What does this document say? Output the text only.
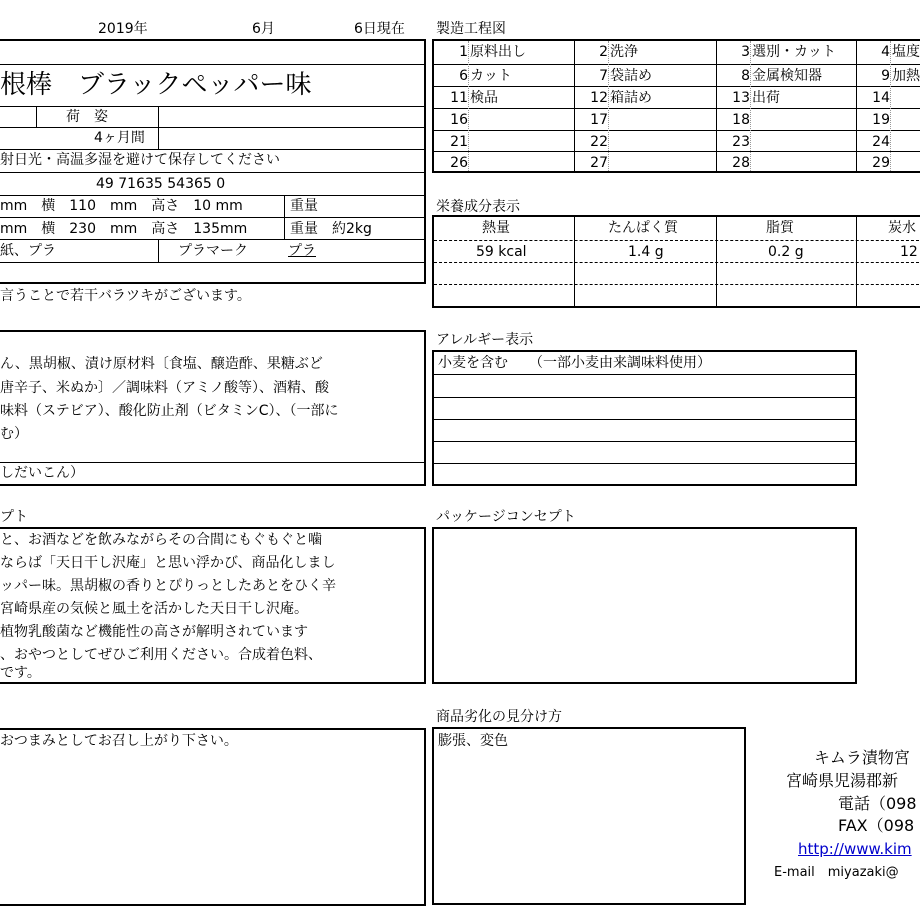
2019年	6月	6日現在 製造工程図
根棒　ブラックペッパー味
荷　姿
4ヶ月間
射日光・高温多湿を避けて保存してください
49 71635 54365 0
mm　横　110　mm　高さ　10 mm	重量
mm　横　230　mm　高さ　135mm	重量　約2kg
紙、プラ	プラマーク	プラ
言うことで若干バラツキがございます。
1 原料出し	2 洗浄	3 選別・カット	4 塩度
6 カット	7 袋詰め	8 金属検知器	9 加熱
11 検品	12 箱詰め	13 出荷	14
16	17	18	19
21	22	23	24
26	27	28	29
栄養成分表示
熱量	たんぱく質	脂質	炭水
59 kcal	1.4 g	0.2 g	12
ん、黒胡椒、漬け原材料〔食塩、醸造酢、果糖ぶど
唐辛子、米ぬか〕／調味料（アミノ酸等）、酒精、酸
味料（ステビア）、酸化防止剤（ビタミンC）、（一部に
む）
しだいこん）
アレルギー表示
小麦を含む　　（一部小麦由来調味料使用）
プト
と、お酒などを飲みながらその合間にもぐもぐと噛
ならば「天日干し沢庵」と思い浮かび、商品化しまし
ッパー味。黒胡椒の香りとぴりっとしたあとをひく辛
宮崎県産の気候と風土を活かした天日干し沢庵。
植物乳酸菌など機能性の高さが解明されています
、おやつとしてぜひご利用ください。合成着色料、
です。
パッケージコンセプト
おつまみとしてお召し上がり下さい。
商品劣化の見分け方
膨張、変色
キムラ漬物宮
宮崎県児湯郡新
電話（098
FAX（098
http://www.kim
E-mail　miyazaki@
